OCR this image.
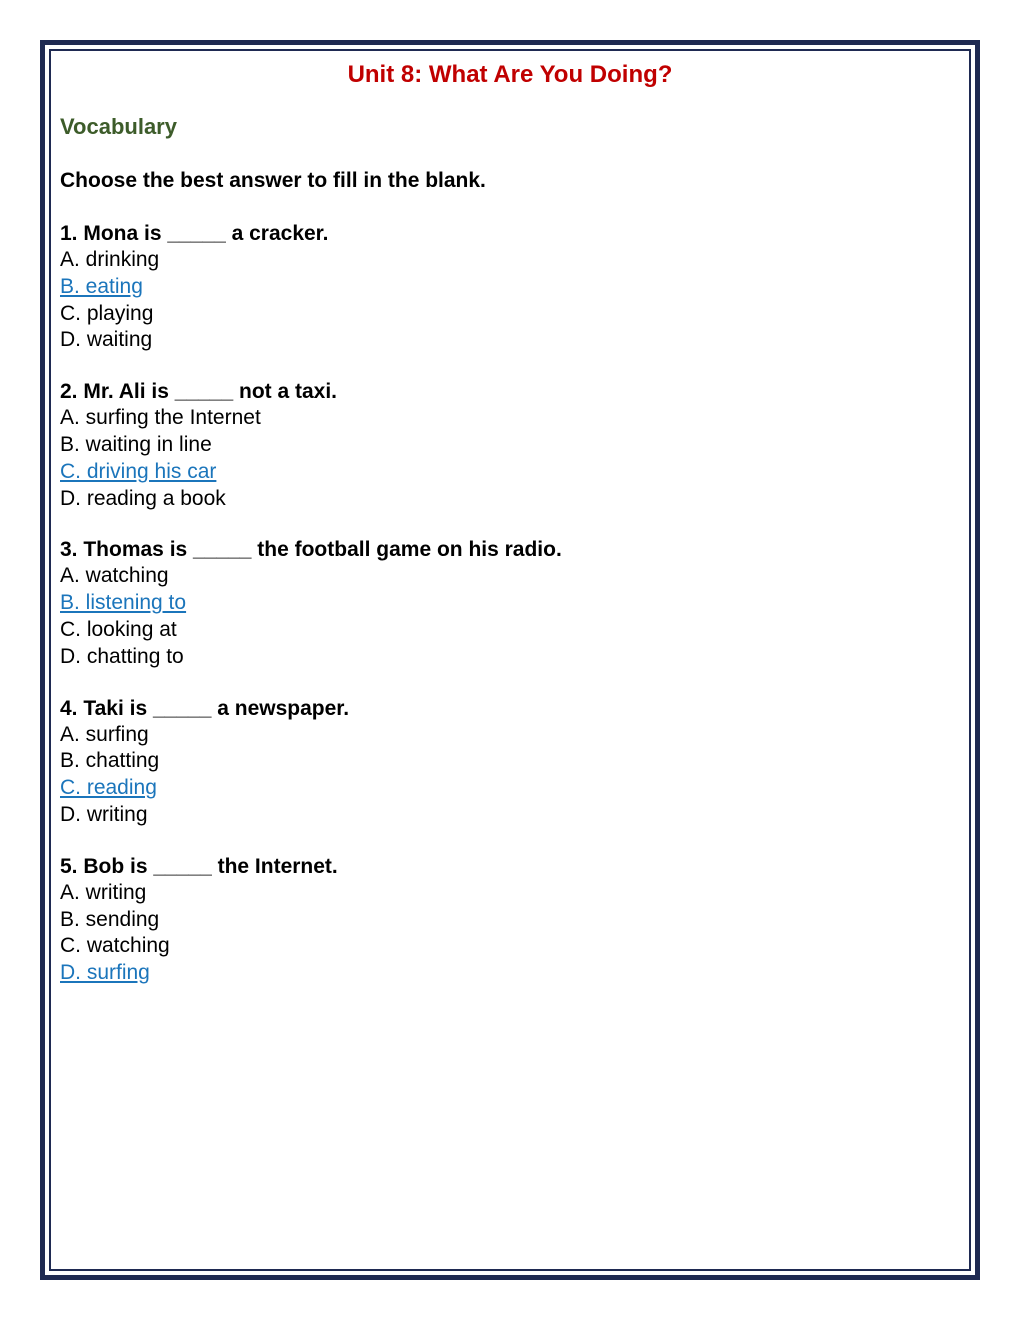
Unit 8: What Are You Doing?
Vocabulary
Choose the best answer to fill in the blank.
1. Mona is _____ a cracker.
A. drinking
B. eating
C. playing
D. waiting
2. Mr. Ali is _____ not a taxi.
A. surfing the Internet
B. waiting in line
C. driving his car
D. reading a book
3. Thomas is _____ the football game on his radio.
A. watching
B. listening to
C. looking at
D. chatting to
4. Taki is _____ a newspaper.
A. surfing
B. chatting
C. reading
D. writing
5. Bob is _____ the Internet.
A. writing
B. sending
C. watching
D. surfing
